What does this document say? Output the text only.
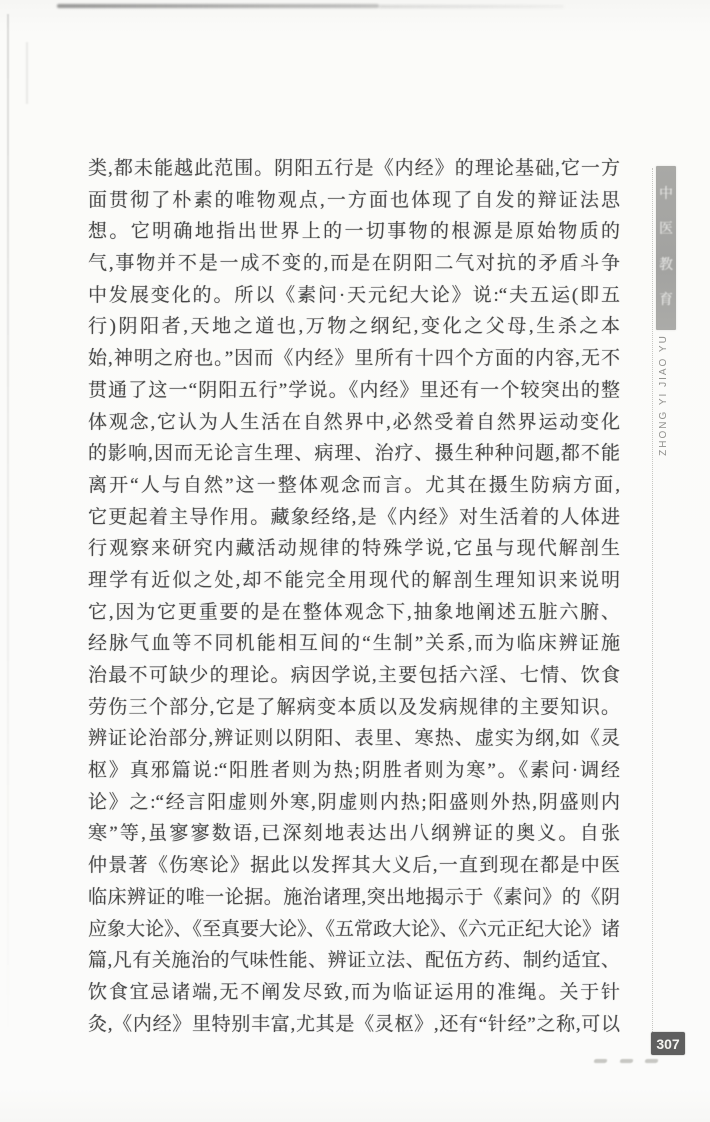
类,都未能越此范围。阴阳五行是《内经》的理论基础,它一方
面贯彻了朴素的唯物观点,一方面也体现了自发的辩证法思
想。它明确地指出世界上的一切事物的根源是原始物质的
气,事物并不是一成不变的,而是在阴阳二气对抗的矛盾斗争
中发展变化的。所以《素问·天元纪大论》说:“夫五运(即五
行)阴阳者,天地之道也,万物之纲纪,变化之父母,生杀之本
始,神明之府也。”因而《内经》里所有十四个方面的内容,无不
贯通了这一“阴阳五行”学说。《内经》里还有一个较突出的整
体观念,它认为人生活在自然界中,必然受着自然界运动变化
的影响,因而无论言生理、病理、治疗、摄生种种问题,都不能
离开“人与自然”这一整体观念而言。尤其在摄生防病方面,
它更起着主导作用。藏象经络,是《内经》对生活着的人体进
行观察来研究内藏活动规律的特殊学说,它虽与现代解剖生
理学有近似之处,却不能完全用现代的解剖生理知识来说明
它,因为它更重要的是在整体观念下,抽象地阐述五脏六腑、
经脉气血等不同机能相互间的“生制”关系,而为临床辨证施
治最不可缺少的理论。病因学说,主要包括六淫、七情、饮食
劳伤三个部分,它是了解病变本质以及发病规律的主要知识。
辨证论治部分,辨证则以阴阳、表里、寒热、虚实为纲,如《灵
枢》真邪篇说:“阳胜者则为热;阴胜者则为寒”。《素问·调经
论》之:“经言阳虚则外寒,阴虚则内热;阳盛则外热,阴盛则内
寒”等,虽寥寥数语,已深刻地表达出八纲辨证的奥义。自张
仲景著《伤寒论》据此以发挥其大义后,一直到现在都是中医
临床辨证的唯一论据。施治诸理,突出地揭示于《素问》的《阴
应象大论》、《至真要大论》、《五常政大论》、《六元正纪大论》诸
篇,凡有关施治的气味性能、辨证立法、配伍方药、制约适宜、
饮食宜忌诸端,无不阐发尽致,而为临证运用的准绳。关于针
灸,《内经》里特别丰富,尤其是《灵枢》,还有“针经”之称,可以
中
医
教
育
ZHONG YI JIAO YU
307
